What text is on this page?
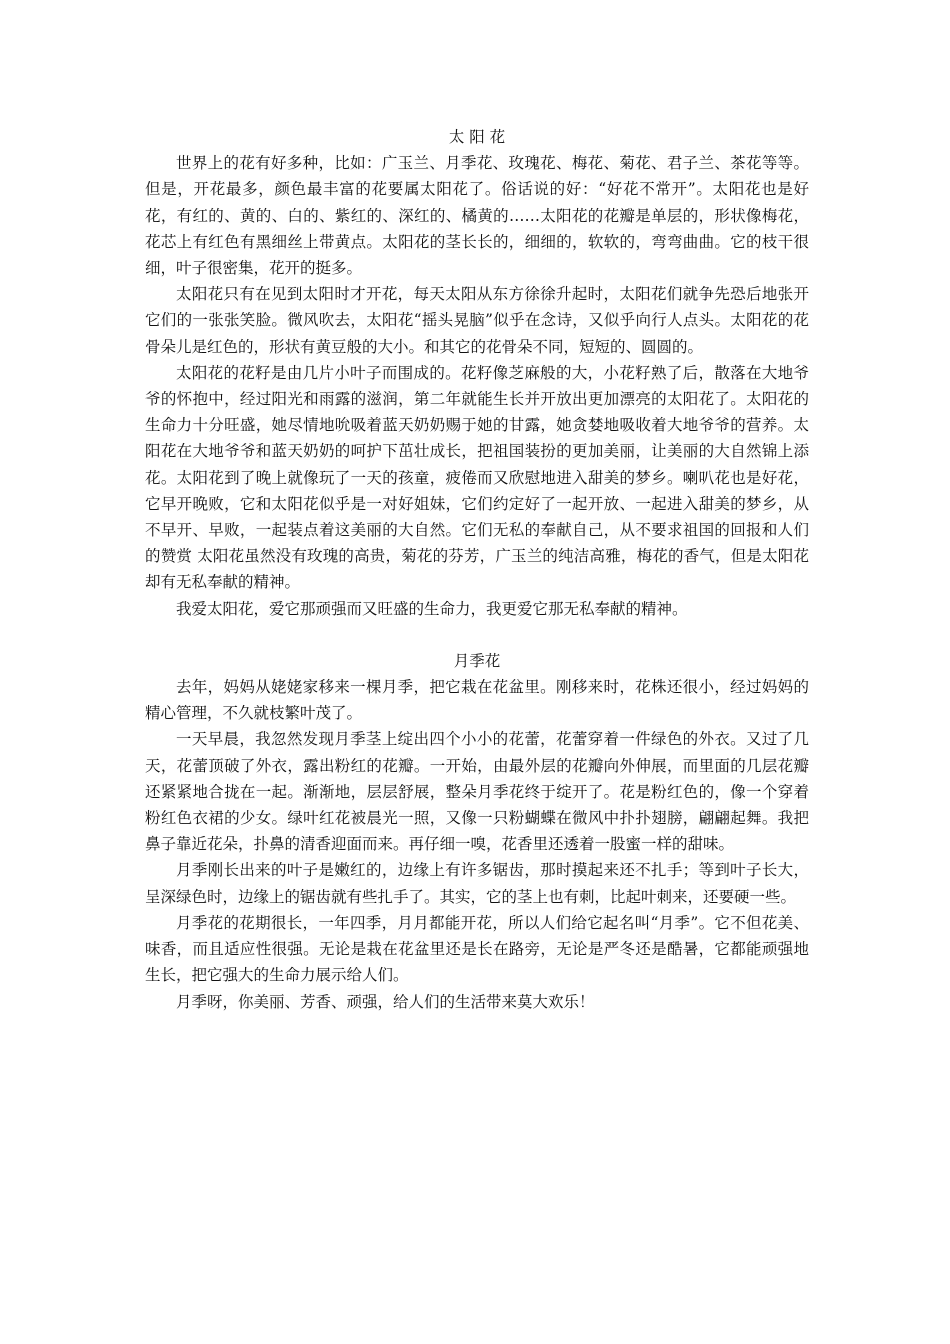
太 阳 花

世界上的花有好多种，比如：广玉兰、月季花、玫瑰花、梅花、菊花、君子兰、茶花等等。但是，开花最多，颜色最丰富的花要属太阳花了。俗话说的好：“好花不常开”。太阳花也是好花，有红的、黄的、白的、紫红的、深红的、橘黄的……太阳花的花瓣是单层的，形状像梅花，花芯上有红色有黑细丝上带黄点。太阳花的茎长长的，细细的，软软的，弯弯曲曲。它的枝干很细，叶子很密集，花开的挺多。

太阳花只有在见到太阳时才开花，每天太阳从东方徐徐升起时，太阳花们就争先恐后地张开它们的一张张笑脸。微风吹去，太阳花“摇头晃脑”似乎在念诗，又似乎向行人点头。太阳花的花骨朵儿是红色的，形状有黄豆般的大小。和其它的花骨朵不同，短短的、圆圆的。

太阳花的花籽是由几片小叶子而围成的。花籽像芝麻般的大，小花籽熟了后，散落在大地爷爷的怀抱中，经过阳光和雨露的滋润，第二年就能生长并开放出更加漂亮的太阳花了。太阳花的生命力十分旺盛，她尽情地吮吸着蓝天奶奶赐于她的甘露，她贪婪地吸收着大地爷爷的营养。太阳花在大地爷爷和蓝天奶奶的呵护下茁壮成长，把祖国装扮的更加美丽，让美丽的大自然锦上添花。太阳花到了晚上就像玩了一天的孩童，疲倦而又欣慰地进入甜美的梦乡。喇叭花也是好花，它早开晚败，它和太阳花似乎是一对好姐妹，它们约定好了一起开放、一起进入甜美的梦乡，从不早开、早败，一起装点着这美丽的大自然。它们无私的奉献自己，从不要求祖国的回报和人们的赞赏 太阳花虽然没有玫瑰的高贵，菊花的芬芳，广玉兰的纯洁高雅，梅花的香气，但是太阳花却有无私奉献的精神。

我爱太阳花，爱它那顽强而又旺盛的生命力，我更爱它那无私奉献的精神。

月季花

去年，妈妈从姥姥家移来一棵月季，把它栽在花盆里。刚移来时，花株还很小，经过妈妈的精心管理，不久就枝繁叶茂了。

一天早晨，我忽然发现月季茎上绽出四个小小的花蕾，花蕾穿着一件绿色的外衣。又过了几天，花蕾顶破了外衣，露出粉红的花瓣。一开始，由最外层的花瓣向外伸展，而里面的几层花瓣还紧紧地合拢在一起。渐渐地，层层舒展，整朵月季花终于绽开了。花是粉红色的，像一个穿着粉红色衣裙的少女。绿叶红花被晨光一照，又像一只粉蝴蝶在微风中扑扑翅膀，翩翩起舞。我把鼻子靠近花朵，扑鼻的清香迎面而来。再仔细一嗅，花香里还透着一股蜜一样的甜味。

月季刚长出来的叶子是嫩红的，边缘上有许多锯齿，那时摸起来还不扎手；等到叶子长大，呈深绿色时，边缘上的锯齿就有些扎手了。其实，它的茎上也有刺，比起叶刺来，还要硬一些。

月季花的花期很长，一年四季，月月都能开花，所以人们给它起名叫“月季”。它不但花美、味香，而且适应性很强。无论是栽在花盆里还是长在路旁，无论是严冬还是酷暑，它都能顽强地生长，把它强大的生命力展示给人们。

月季呀，你美丽、芳香、顽强，给人们的生活带来莫大欢乐！
